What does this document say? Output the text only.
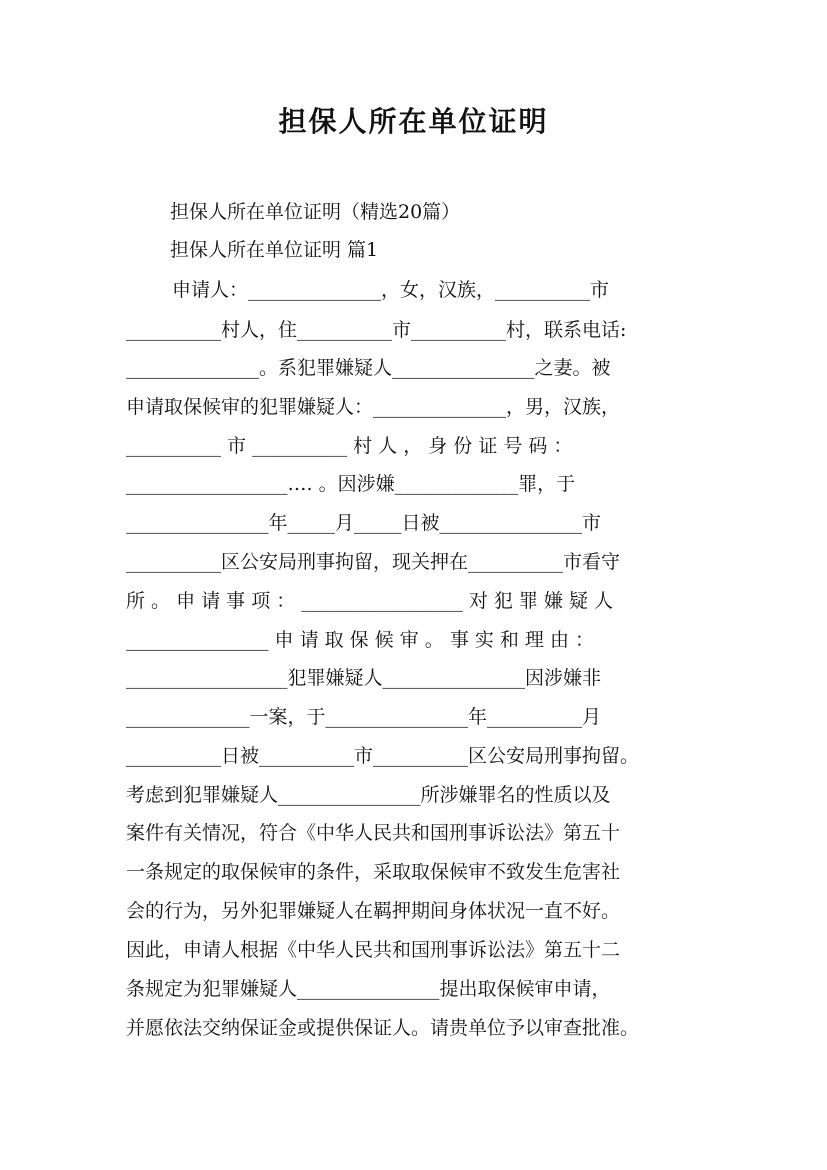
担保人所在单位证明
担保人所在单位证明（精选20篇）
担保人所在单位证明 篇1
申请人：______________，女，汉族，__________市
__________村人，住__________市__________村，联系电话:
______________。系犯罪嫌疑人_______________之妻。被
申请取保候审的犯罪嫌疑人：______________，男，汉族，
__________ 市 __________ 村 人 ， 身 份 证 号 码 ：
_________________…. 。因涉嫌_____________罪，于
_______________年_____月_____日被_______________市
__________区公安局刑事拘留，现关押在__________市看守
所 。 申 请 事 项 ： _________________ 对 犯 罪 嫌 疑 人
_______________ 申 请 取 保 候 审 。 事 实 和 理 由 ：
_________________犯罪嫌疑人_______________因涉嫌非
_____________一案，于_______________年__________月
__________日被__________市__________区公安局刑事拘留。
考虑到犯罪嫌疑人_______________所涉嫌罪名的性质以及
案件有关情况，符合《中华人民共和国刑事诉讼法》第五十
一条规定的取保候审的条件，采取取保候审不致发生危害社
会的行为，另外犯罪嫌疑人在羁押期间身体状况一直不好。
因此，申请人根据《中华人民共和国刑事诉讼法》第五十二
条规定为犯罪嫌疑人_______________提出取保候审申请，
并愿依法交纳保证金或提供保证人。请贵单位予以审查批准。
